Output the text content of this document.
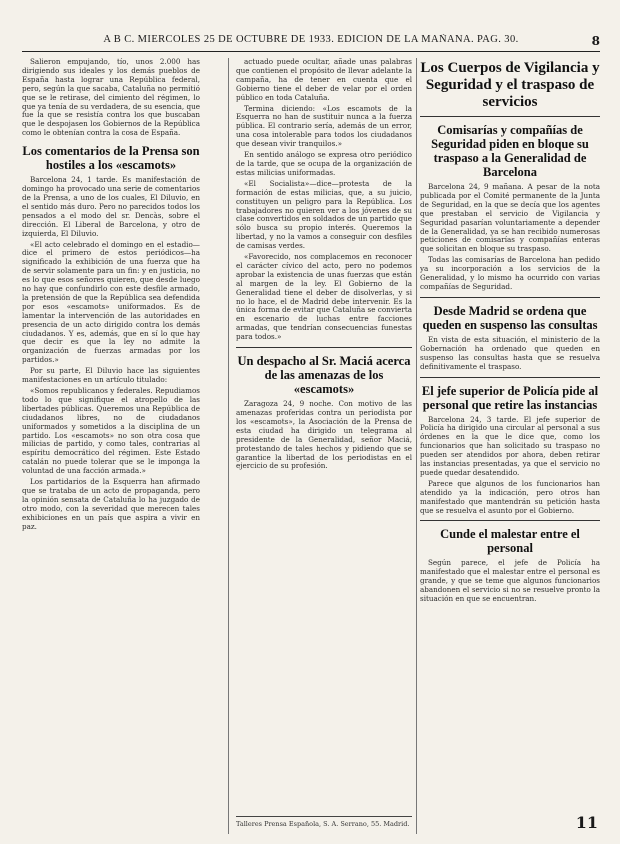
A B C. MIERCOLES 25 DE OCTUBRE DE 1933. EDICION DE LA MAÑANA. PAG. 30.	8

Salieron empujando, tío, unos 2.000 has dirigiendo sus ideales y los demás pueblos de España hasta lograr una República federal, pero, según la que sacaba, Cataluña no permitió que se le retirase, del cimiento del régimen, lo que ya tenía de su verdadera, de su esencia, que fue la que se resistía contra los que buscaban que le despojasen los Gobiernos de la República como le obtenían contra la cosa de España.

Los comentarios de la Prensa son hostiles a los «escamots»

Barcelona 24, 1 tarde. Es manifestación de domingo ha provocado una serie de comentarios de la Prensa, a uno de los cuales, El Diluvio, en el sentido más duro. Pero no parecidos todos los pensados a el modo del sr. Dencàs, sobre el dirección. El Liberal de Barcelona, y otro de izquierda, El Diluvio.

«El acto celebrado el domingo en el estadio—dice el primero de estos periódicos—ha significado la exhibición de una fuerza que ha de servir solamente para un fin: y en justicia, no es lo que esos señores quieren, que desde luego no hay que confundirlo con este desfile armado, la pretensión de que la República sea defendida por esos «escamots» uniformados. Es de lamentar la intervención de las autoridades en presencia de un acto dirigido contra los demás ciudadanos. Y es, además, que en sí lo que hay que decir es que la ley no admite la organización de fuerzas armadas por los partidos.»

Por su parte, El Diluvio hace las siguientes manifestaciones en un artículo titulado:

«Somos republicanos y federales. Repudiamos todo lo que signifique el atropello de las libertades públicas. Queremos una República de ciudadanos libres, no de ciudadanos uniformados y sometidos a la disciplina de un partido. Los «escamots» no son otra cosa que milicias de partido, y como tales, contrarias al espíritu democrático del régimen. Este Estado catalán no puede tolerar que se le imponga la voluntad de una facción armada.»

Los partidarios de la Esquerra han afirmado que se trataba de un acto de propaganda, pero la opinión sensata de Cataluña lo ha juzgado de otro modo, con la severidad que merecen tales exhibiciones en un país que aspira a vivir en paz.

actuado puede ocultar, añade unas palabras que contienen el propósito de llevar adelante la campaña, ha de tener en cuenta que el Gobierno tiene el deber de velar por el orden público en toda Cataluña.

Termina diciendo: «Los escamots de la Esquerra no han de sustituir nunca a la fuerza pública. El contrario sería, además de un error, una cosa intolerable para todos los ciudadanos que desean vivir tranquilos.»

En sentido análogo se expresa otro periódico de la tarde, que se ocupa de la organización de estas milicias uniformadas.

«El Socialista»—dice—protesta de la formación de estas milicias, que, a su juicio, constituyen un peligro para la República. Los trabajadores no quieren ver a los jóvenes de su clase convertidos en soldados de un partido que sólo busca su propio interés. Queremos la libertad, y no la vamos a conseguir con desfiles de camisas verdes.

«Favorecido, nos complacemos en reconocer el carácter cívico del acto, pero no podemos aprobar la existencia de unas fuerzas que están al margen de la ley. El Gobierno de la Generalidad tiene el deber de disolverlas, y si no lo hace, el de Madrid debe intervenir. Es la única forma de evitar que Cataluña se convierta en escenario de luchas entre facciones armadas, que tendrían consecuencias funestas para todos.»

Un despacho al Sr. Maciá acerca de las amenazas de los «escamots»

Zaragoza 24, 9 noche. Con motivo de las amenazas proferidas contra un periodista por los «escamots», la Asociación de la Prensa de esta ciudad ha dirigido un telegrama al presidente de la Generalidad, señor Maciá, protestando de tales hechos y pidiendo que se garantice la libertad de los periodistas en el ejercicio de su profesión.

Talleres Prensa Española, S. A. Serrano, 55. Madrid.
Los Cuerpos de Vigilancia y Seguridad y el traspaso de servicios
Comisarías y compañías de Seguridad piden en bloque su traspaso a la Generalidad de Barcelona

Barcelona 24, 9 mañana. A pesar de la nota publicada por el Comité permanente de la Junta de Seguridad, en la que se decía que los agentes que prestaban el servicio de Vigilancia y Seguridad pasarían voluntariamente a depender de la Generalidad, ya se han recibido numerosas peticiones de comisarías y compañías enteras que solicitan en bloque su traspaso.

Todas las comisarías de Barcelona han pedido ya su incorporación a los servicios de la Generalidad, y lo mismo ha ocurrido con varias compañías de Seguridad.

Desde Madrid se ordena que queden en suspenso las consultas

En vista de esta situación, el ministerio de la Gobernación ha ordenado que queden en suspenso las consultas hasta que se resuelva definitivamente el traspaso.

El jefe superior de Policía pide al personal que retire las instancias

Barcelona 24, 3 tarde. El jefe superior de Policía ha dirigido una circular al personal a sus órdenes en la que le dice que, como los funcionarios que han solicitado su traspaso no pueden ser atendidos por ahora, deben retirar las instancias presentadas, ya que el servicio no puede quedar desatendido.

Parece que algunos de los funcionarios han atendido ya la indicación, pero otros han manifestado que mantendrán su petición hasta que se resuelva el asunto por el Gobierno.

Cunde el malestar entre el personal

Según parece, el jefe de Policía ha manifestado que el malestar entre el personal es grande, y que se teme que algunos funcionarios abandonen el servicio si no se resuelve pronto la situación en que se encuentran.

11
